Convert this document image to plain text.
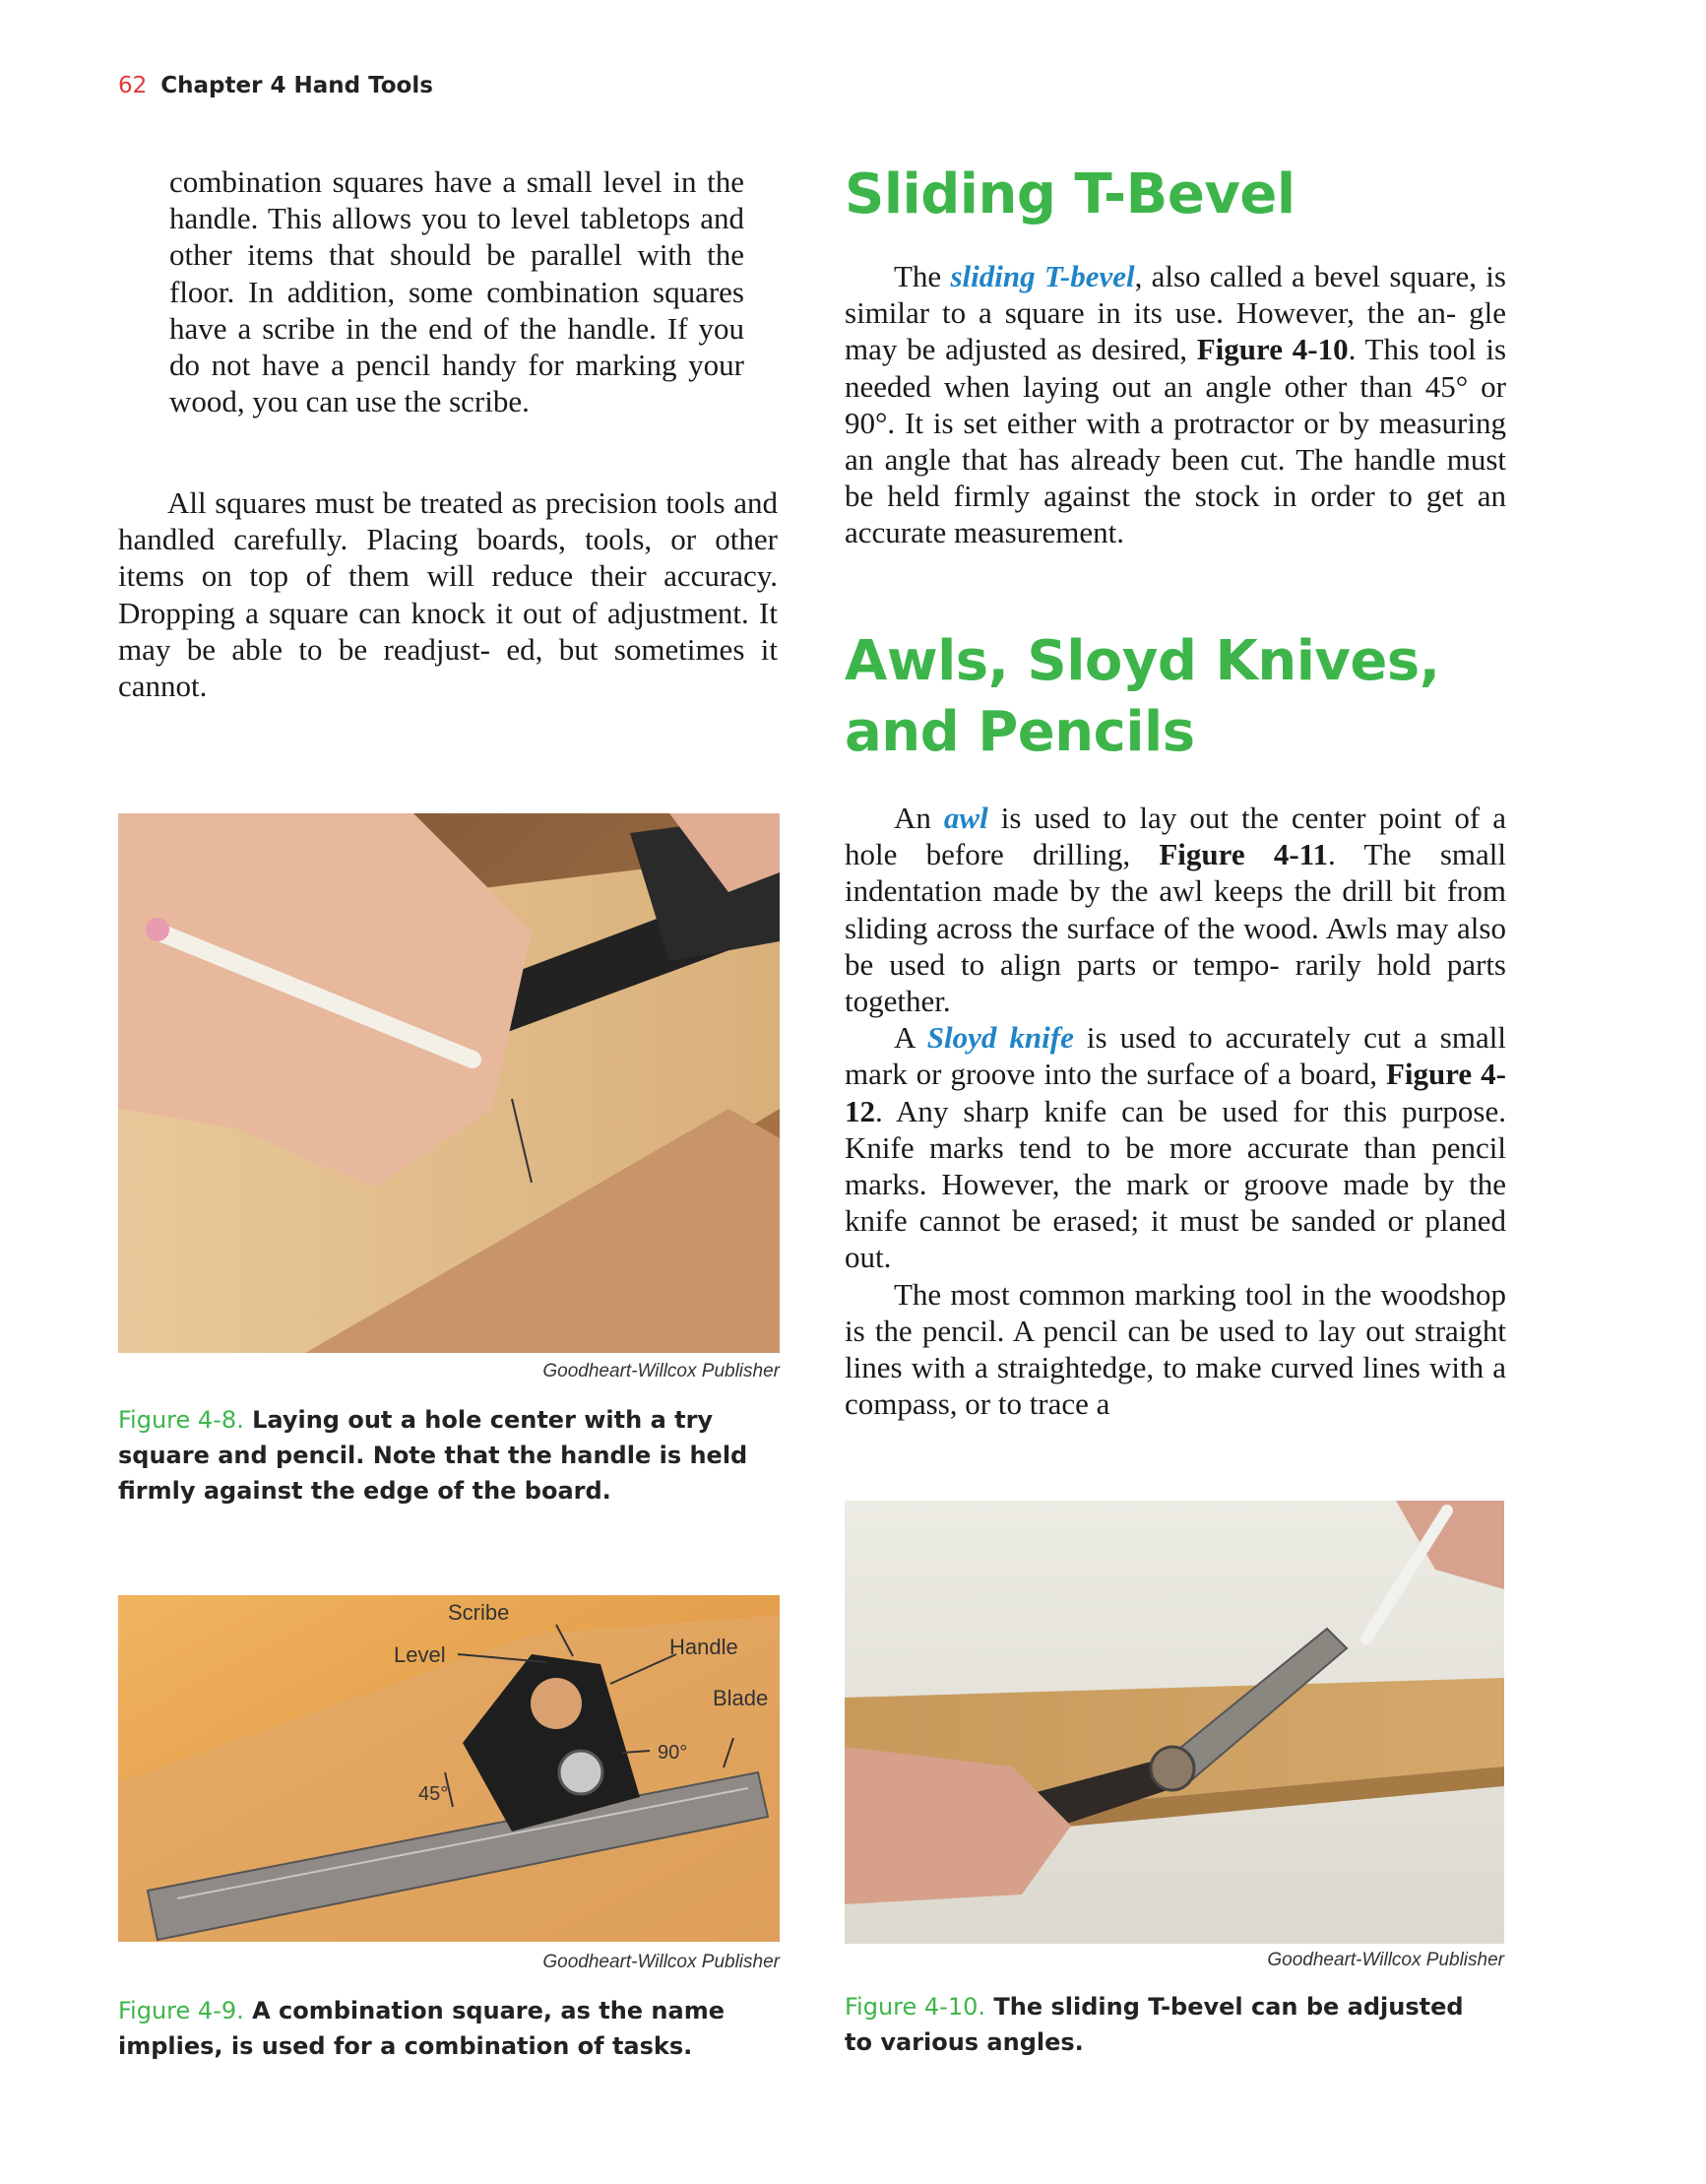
62 Chapter 4 Hand Tools

combination squares have a small level in the handle. This allows you to level tabletops and other items that should be parallel with the floor. In addition, some combination squares have a scribe in the end of the handle. If you do not have a pencil handy for marking your wood, you can use the scribe.

All squares must be treated as precision tools and handled carefully. Placing boards, tools, or other items on top of them will reduce their accuracy. Dropping a square can knock it out of adjustment. It may be able to be readjust- ed, but sometimes it cannot.

Goodheart-Willcox Publisher
Figure 4-8. Laying out a hole center with a try square and pencil. Note that the handle is held firmly against the edge of the board.
Scribe
Level	Handle
Blade
90°
45°
Goodheart-Willcox Publisher
Figure 4-9. A combination square, as the name implies, is used for a combination of tasks.
Sliding T-Bevel

The sliding T-bevel, also called a bevel square, is similar to a square in its use. However, the an- gle may be adjusted as desired, Figure 4-10. This tool is needed when laying out an angle other than 45° or 90°. It is set either with a protractor or by measuring an angle that has already been cut. The handle must be held firmly against the stock in order to get an accurate measurement.

Awls, Sloyd Knives, and Pencils

An awl is used to lay out the center point of a hole before drilling, Figure 4-11. The small indentation made by the awl keeps the drill bit from sliding across the surface of the wood. Awls may also be used to align parts or tempo- rarily hold parts together.

A Sloyd knife is used to accurately cut a small mark or groove into the surface of a board, Figure 4-12. Any sharp knife can be used for this purpose. Knife marks tend to be more accurate than pencil marks. However, the mark or groove made by the knife cannot be erased; it must be sanded or planed out.

The most common marking tool in the woodshop is the pencil. A pencil can be used to lay out straight lines with a straightedge, to make curved lines with a compass, or to trace a

Goodheart-Willcox Publisher
Figure 4-10. The sliding T-bevel can be adjusted to various angles.
